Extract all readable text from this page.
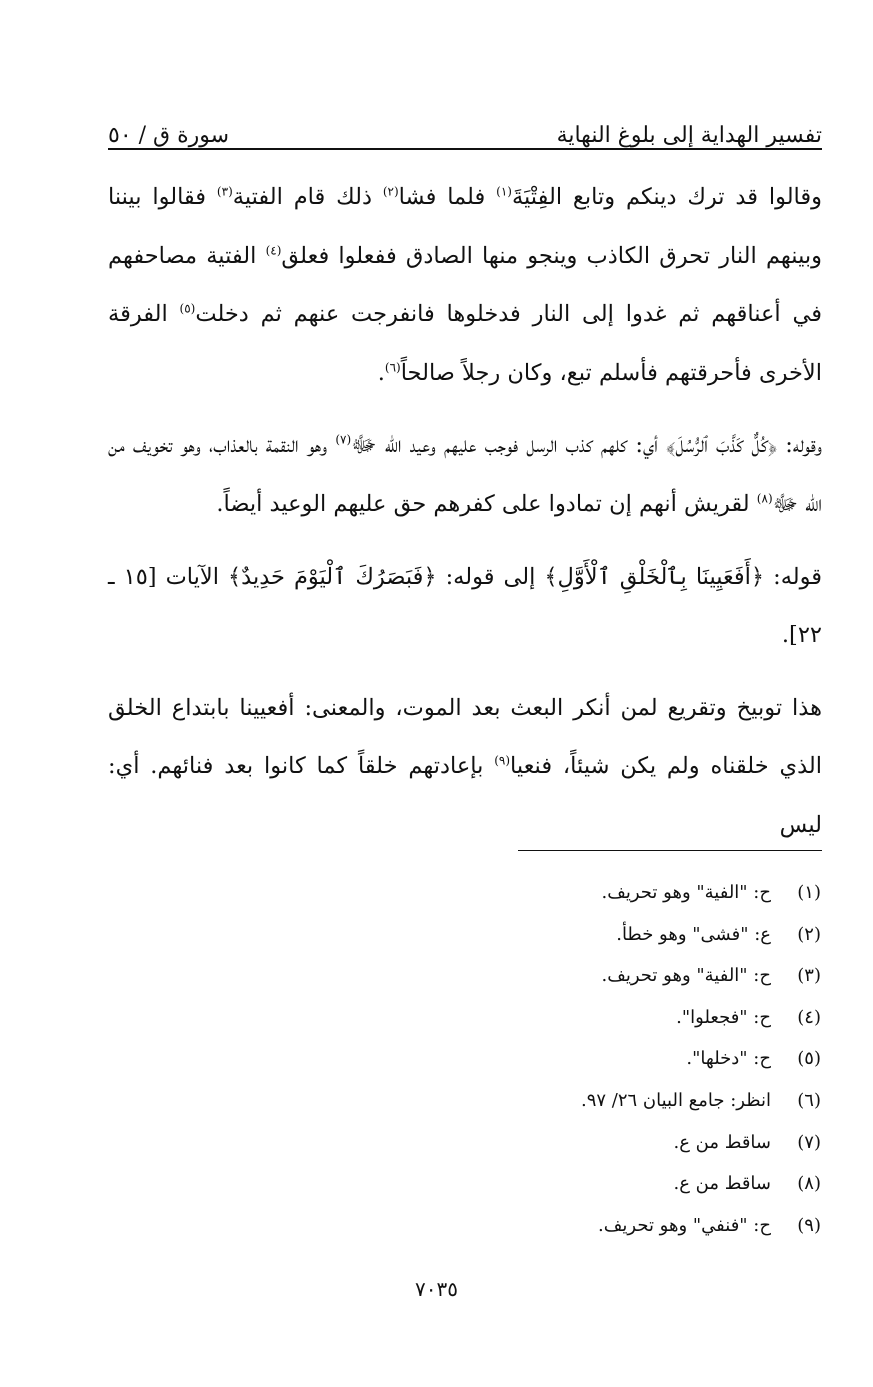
تفسير الهداية إلى بلوغ النهاية
سورة ق / ٥٠

وقالوا قد ترك دينكم وتابع الفِتْيَةَ$^{(١)}$ فلما فشا$^{(٢)}$ ذلك قام الفتية$^{(٣)}$ فقالوا بيننا وبينهم النار تحرق الكاذب وينجو منها الصادق ففعلوا فعلق$^{(٤)}$ الفتية مصاحفهم في أعناقهم ثم غدوا إلى النار فدخلوها فانفرجت عنهم ثم دخلت$^{(٥)}$ الفرقة الأخرى فأحرقتهم فأسلم تبع، وكان رجلاً صالحاً$^{(٦)}$.

وقوله: ﴿كُلٌّ كَذَّبَ ٱلرُّسُلَ﴾ أي: كلهم كذب الرسل فوجب عليهم وعيد الله ﷻ$^{(٧)}$ وهو النقمة بالعذاب، وهو تخويف من الله ﷻ$^{(٨)}$ لقريش أنهم إن تمادوا على كفرهم حق عليهم الوعيد أيضاً.

قوله: ﴿أَفَعَيِينَا بِٱلْخَلْقِ ٱلْأَوَّلِ﴾ إلى قوله: ﴿فَبَصَرُكَ ٱلْيَوْمَ حَدِيدٌ﴾ الآيات [١٥ ـ ٢٢].

هذا توبيخ وتقريع لمن أنكر البعث بعد الموت، والمعنى: أفعيينا بابتداع الخلق الذي خلقناه ولم يكن شيئاً، فنعيا$^{(٩)}$ بإعادتهم خلقاً كما كانوا بعد فنائهم. أي: ليس

(١)
ح: "الفية" وهو تحريف.
(٢)
ع: "فشى" وهو خطأ.
(٣)
ح: "الفية" وهو تحريف.
(٤)
ح: "فجعلوا".
(٥)
ح: "دخلها".
(٦)
انظر: جامع البيان ٢٦/ ٩٧.
(٧)
ساقط من ع.
(٨)
ساقط من ع.
(٩)
ح: "فنفي" وهو تحريف.
٧٠٣٥
